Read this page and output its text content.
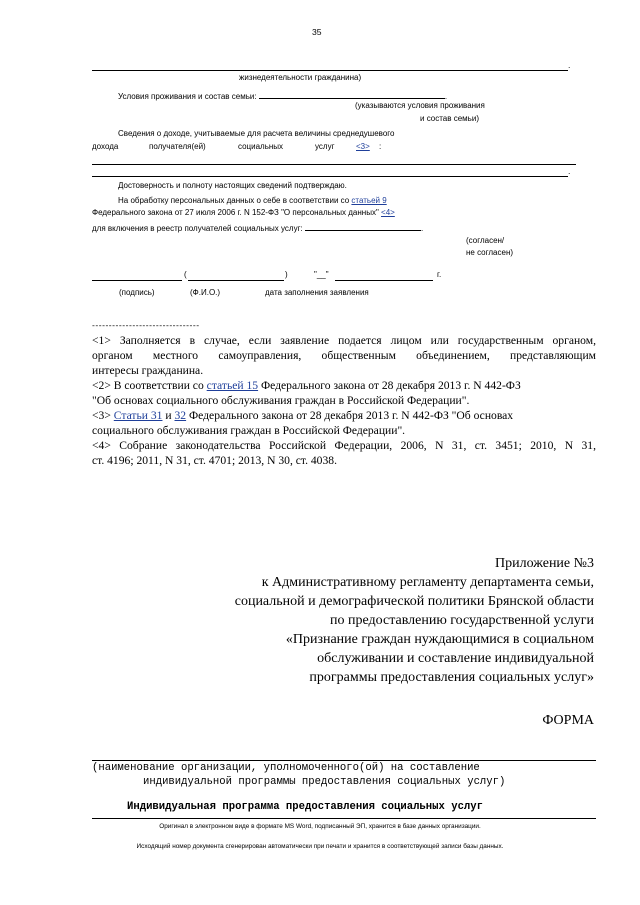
35
.
жизнедеятельности гражданина)
Условия проживания и состав семьи:	.
(указываются условия проживания
и состав семьи)
Сведения о доходе, учитываемые для расчета величины среднедушевого
дохода	получателя(ей)	социальных	услуг	<3> :
.
Достоверность и полноту настоящих сведений подтверждаю.
На обработку персональных данных о себе в соответствии со статьей 9
Федерального закона от 27 июля 2006 г. N 152-ФЗ "О персональных данных" <4>
для включения в реестр получателей социальных услуг:	.
(согласен/
не согласен)
(	)	"__"	г.
(подпись)	(Ф.И.О.)	дата заполнения заявления
--------------------------------
<1> Заполняется в случае, если заявление подается лицом или государственным органом,
органом местного самоуправления, общественным объединением, представляющим
интересы гражданина.
<2> В соответствии со статьей 15 Федерального закона от 28 декабря 2013 г. N 442-ФЗ
"Об основах социального обслуживания граждан в Российской Федерации".
<3> Статьи 31 и 32 Федерального закона от 28 декабря 2013 г. N 442-ФЗ "Об основах
социального обслуживания граждан в Российской Федерации".
<4> Собрание законодательства Российской Федерации, 2006, N 31, ст. 3451; 2010, N 31,
ст. 4196; 2011, N 31, ст. 4701; 2013, N 30, ст. 4038.
Приложение №3
к Административному регламенту департамента семьи,
социальной и демографической политики Брянской области
по предоставлению государственной услуги
«Признание граждан нуждающимися в социальном
обслуживании и составление индивидуальной
программы предоставления социальных услуг»
ФОРМА
(наименование организации, уполномоченного(ой) на составление
индивидуальной программы предоставления социальных услуг)
Индивидуальная программа предоставления социальных услуг
Оригинал в электронном виде в формате MS Word, подписанный ЭП, хранится в базе данных организации.
Исходящий номер документа сгенерирован автоматически при печати и хранится в соответствующей записи базы данных.
